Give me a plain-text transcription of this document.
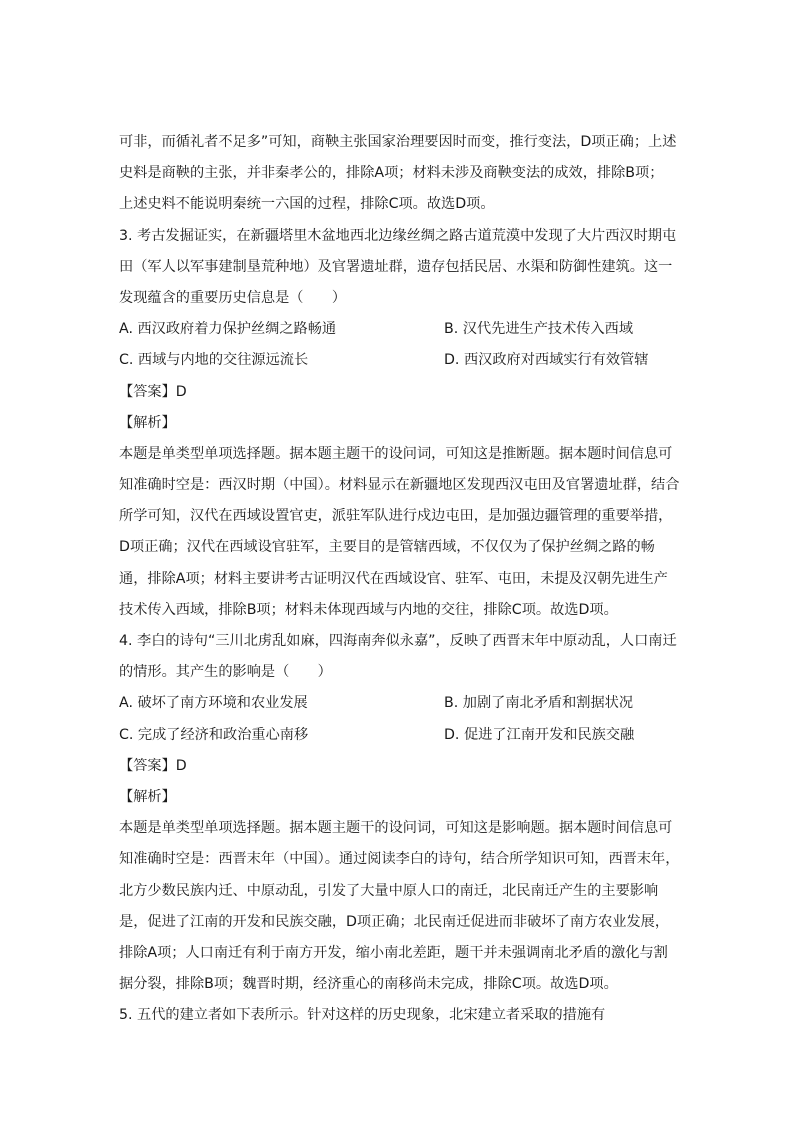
可非，而循礼者不足多”可知，商鞅主张国家治理要因时而变，推行变法，D项正确；上述
史料是商鞅的主张，并非秦孝公的，排除A项；材料未涉及商鞅变法的成效，排除B项；
上述史料不能说明秦统一六国的过程，排除C项。故选D项。
3. 考古发掘证实，在新疆塔里木盆地西北边缘丝绸之路古道荒漠中发现了大片西汉时期屯
田（军人以军事建制垦荒种地）及官署遗址群，遗存包括民居、水渠和防御性建筑。这一
发现蕴含的重要历史信息是（　　）
A. 西汉政府着力保护丝绸之路畅通	B. 汉代先进生产技术传入西域
C. 西域与内地的交往源远流长	D. 西汉政府对西域实行有效管辖
【答案】D
【解析】
本题是单类型单项选择题。据本题主题干的设问词，可知这是推断题。据本题时间信息可
知准确时空是：西汉时期（中国）。材料显示在新疆地区发现西汉屯田及官署遗址群，结合
所学可知，汉代在西域设置官吏，派驻军队进行戍边屯田，是加强边疆管理的重要举措，
D项正确；汉代在西域设官驻军，主要目的是管辖西域，不仅仅为了保护丝绸之路的畅
通，排除A项；材料主要讲考古证明汉代在西域设官、驻军、屯田，未提及汉朝先进生产
技术传入西域，排除B项；材料未体现西域与内地的交往，排除C项。故选D项。
4. 李白的诗句“三川北虏乱如麻，四海南奔似永嘉”，反映了西晋末年中原动乱，人口南迁
的情形。其产生的影响是（　　）
A. 破坏了南方环境和农业发展	B. 加剧了南北矛盾和割据状况
C. 完成了经济和政治重心南移	D. 促进了江南开发和民族交融
【答案】D
【解析】
本题是单类型单项选择题。据本题主题干的设问词，可知这是影响题。据本题时间信息可
知准确时空是：西晋末年（中国）。通过阅读李白的诗句，结合所学知识可知，西晋末年，
北方少数民族内迁、中原动乱，引发了大量中原人口的南迁，北民南迁产生的主要影响
是，促进了江南的开发和民族交融，D项正确；北民南迁促进而非破坏了南方农业发展，
排除A项；人口南迁有利于南方开发，缩小南北差距，题干并未强调南北矛盾的激化与割
据分裂，排除B项；魏晋时期，经济重心的南移尚未完成，排除C项。故选D项。
5. 五代的建立者如下表所示。针对这样的历史现象，北宋建立者采取的措施有
